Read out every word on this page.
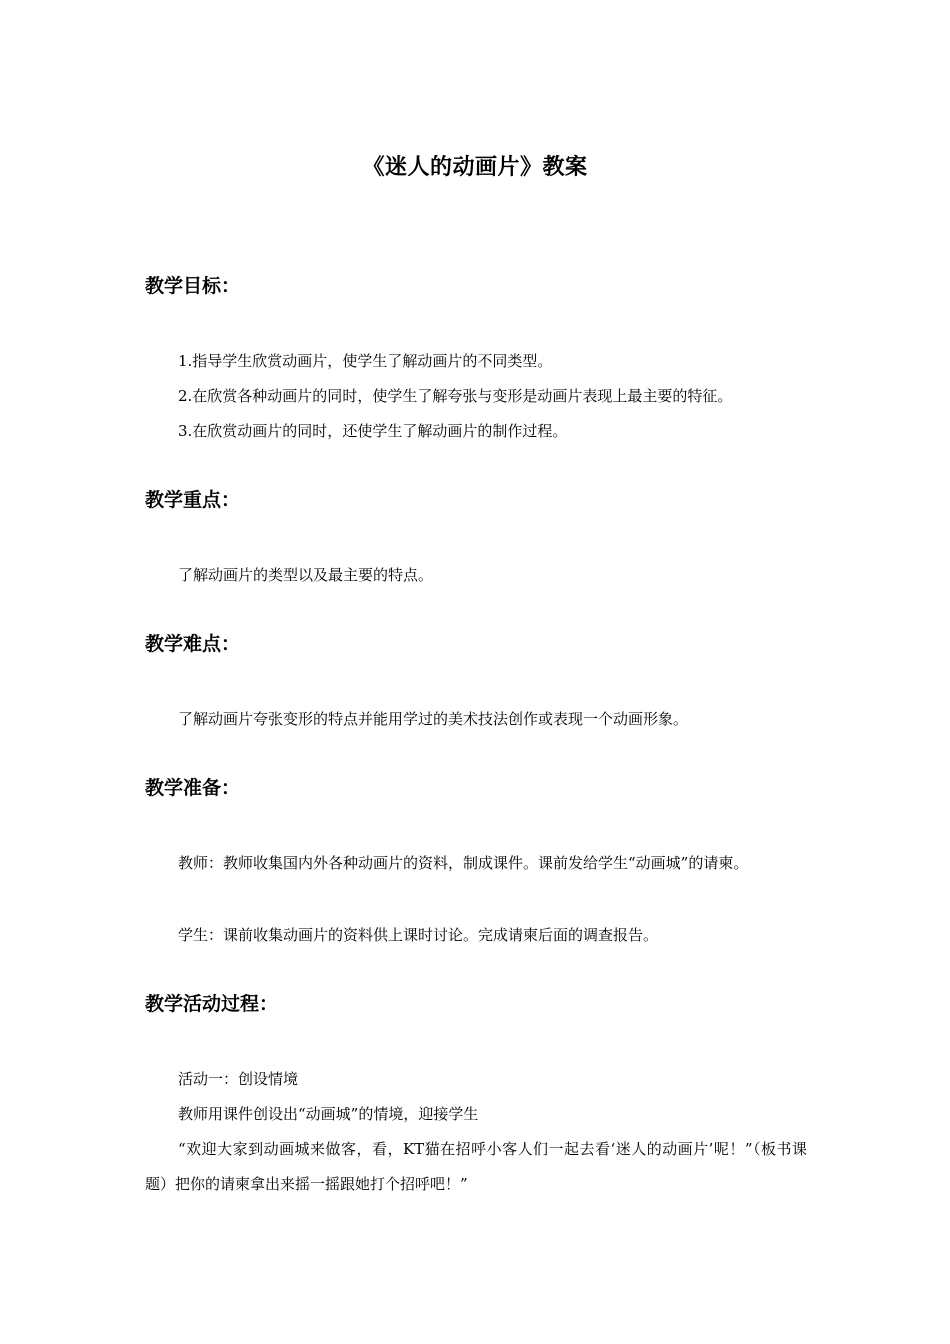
《迷人的动画片》教案
教学目标：
1.指导学生欣赏动画片，使学生了解动画片的不同类型。
2.在欣赏各种动画片的同时，使学生了解夸张与变形是动画片表现上最主要的特征。
3.在欣赏动画片的同时，还使学生了解动画片的制作过程。
教学重点：
了解动画片的类型以及最主要的特点。
教学难点：
了解动画片夸张变形的特点并能用学过的美术技法创作或表现一个动画形象。
教学准备：
教师：教师收集国内外各种动画片的资料，制成课件。课前发给学生“动画城”的请柬。
学生：课前收集动画片的资料供上课时讨论。完成请柬后面的调查报告。
教学活动过程：
活动一：创设情境
教师用课件创设出“动画城”的情境，迎接学生
“欢迎大家到动画城来做客，看，KT猫在招呼小客人们一起去看‘迷人的动画片’呢！”（板书课题）把你的请柬拿出来摇一摇跟她打个招呼吧！”
